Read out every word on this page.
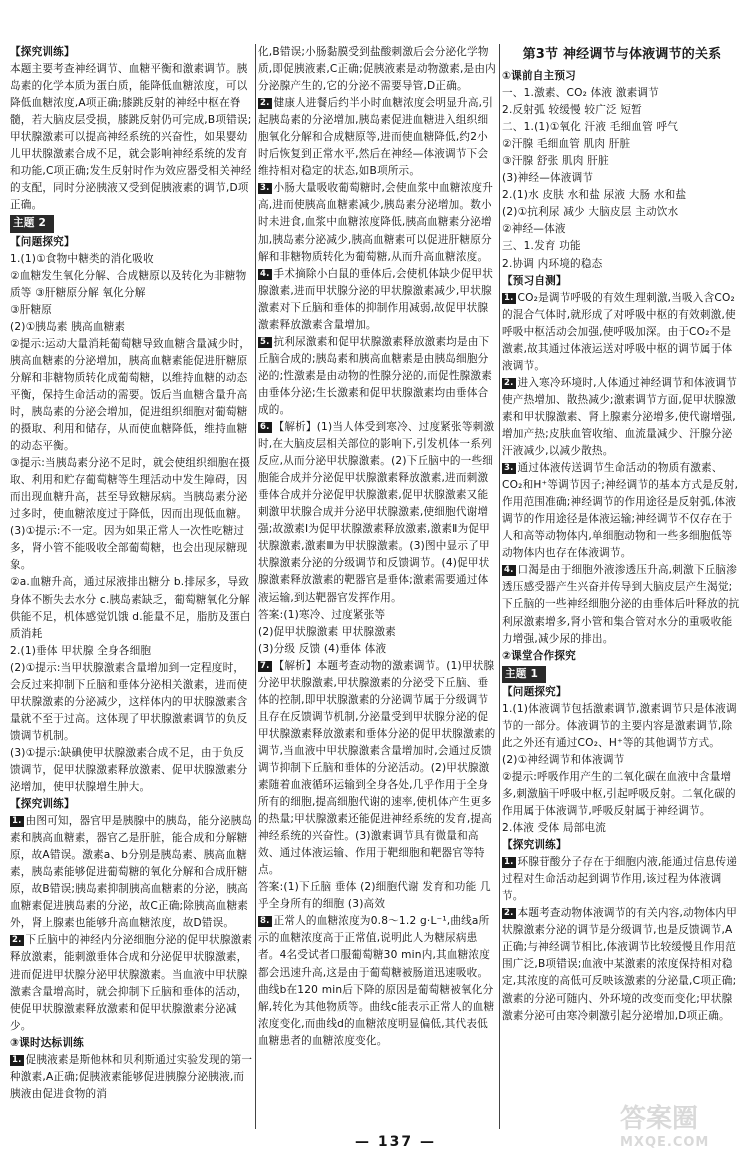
【探究训练】
本题主要考查神经调节、血糖平衡和激素调节。胰岛素的化学本质为蛋白质，能降低血糖浓度，可以降低血糖浓度,A项正确;膝跳反射的神经中枢在脊髓，若大脑皮层受损，膝跳反射仍可完成,B项错误;甲状腺激素可以提高神经系统的兴奋性，如果婴幼儿甲状腺激素合成不足，就会影响神经系统的发育和功能,C项正确;发生反射时作为效应器受相关神经的支配，同时分泌胰液又受到促胰液素的调节,D项正确。
主题 2
【问题探究】
1.(1)①食物中糖类的消化吸收
②血糖发生氧化分解、合成糖原以及转化为非糖物质等 ③肝糖原分解 氧化分解
③肝糖原
(2)①胰岛素 胰高血糖素
②提示:运动大量消耗葡萄糖导致血糖含量减少时，胰高血糖素的分泌增加，胰高血糖素能促进肝糖原分解和非糖物质转化成葡萄糖，以维持血糖的动态平衡，保持生命活动的需要。饭后当血糖含量升高时，胰岛素的分泌会增加，促进组织细胞对葡萄糖的摄取、利用和储存，从而使血糖降低，维持血糖的动态平衡。
③提示:当胰岛素分泌不足时，就会使组织细胞在摄取、利用和贮存葡萄糖等生理活动中发生障碍，因而出现血糖升高，甚至导致糖尿病。当胰岛素分泌过多时，使血糖浓度过于降低，因而出现低血糖。
(3)①提示:不一定。因为如果正常人一次性吃糖过多，肾小管不能吸收全部葡萄糖，也会出现尿糖现象。
②a.血糖升高，通过尿液排出糖分 b.排尿多，导致身体不断失去水分 c.胰岛素缺乏，葡萄糖氧化分解供能不足，机体感觉饥饿 d.能量不足，脂肪及蛋白质消耗
2.(1)垂体 甲状腺 全身各细胞
(2)①提示:当甲状腺激素含量增加到一定程度时，会反过来抑制下丘脑和垂体分泌相关激素，进而使甲状腺激素的分泌减少，这样体内的甲状腺激素含量就不至于过高。这体现了甲状腺激素调节的负反馈调节机制。
(3)①提示:缺碘使甲状腺激素合成不足，由于负反馈调节，促甲状腺激素释放激素、促甲状腺激素分泌增加，使甲状腺增生肿大。
【探究训练】
1. 由图可知，器官甲是胰腺中的胰岛，能分泌胰岛素和胰高血糖素，器官乙是肝脏，能合成和分解糖原，故A错误。激素a、b分别是胰岛素、胰高血糖素，胰岛素能够促进葡萄糖的氧化分解和合成肝糖原，故B错误;胰岛素抑制胰高血糖素的分泌，胰高血糖素促进胰岛素的分泌，故C正确;除胰高血糖素外，肾上腺素也能够升高血糖浓度，故D错误。
2. 下丘脑中的神经内分泌细胞分泌的促甲状腺激素释放激素，能刺激垂体合成和分泌促甲状腺激素，进而促进甲状腺分泌甲状腺激素。当血液中甲状腺激素含量增高时，就会抑制下丘脑和垂体的活动，使促甲状腺激素释放激素和促甲状腺激素分泌减少。
③课时达标训练
1. 促胰液素是斯他林和贝利斯通过实验发现的第一种激素,A正确;促胰液素能够促进胰腺分泌胰液,而胰液由促进食物的消
化,B错误;小肠黏膜受到盐酸刺激后会分泌化学物质,即促胰液素,C正确;促胰液素是动物激素,是由内分泌腺产生的,它的分泌不需要导管,D正确。
2. 健康人进餐后约半小时血糖浓度会明显升高,引起胰岛素的分泌增加,胰岛素促进血糖进入组织细胞氧化分解和合成糖原等,进而使血糖降低,约2小时后恢复到正常水平,然后在神经—体液调节下会维持相对稳定的状态,如B项所示。
3. 小肠大量吸收葡萄糖时,会使血浆中血糖浓度升高,进而使胰高血糖素减少,胰岛素分泌增加。数小时未进食,血浆中血糖浓度降低,胰高血糖素分泌增加,胰岛素分泌减少,胰高血糖素可以促进肝糖原分解和非糖物质转化为葡萄糖,从而升高血糖浓度。
4. 手术摘除小白鼠的垂体后,会使机体缺少促甲状腺激素,进而甲状腺分泌的甲状腺激素减少,甲状腺激素对下丘脑和垂体的抑制作用减弱,故促甲状腺激素释放激素含量增加。
5. 抗利尿激素和促甲状腺激素释放激素均是由下丘脑合成的;胰岛素和胰高血糖素是由胰岛细胞分泌的;性激素是由动物的性腺分泌的,而促性腺激素由垂体分泌;生长激素和促甲状腺激素均由垂体合成的。
6. 【解析】(1)当人体受到寒冷、过度紧张等刺激时,在大脑皮层相关部位的影响下,引发机体一系列反应,从而分泌甲状腺激素。(2)下丘脑中的一些细胞能合成并分泌促甲状腺激素释放激素,进而刺激垂体合成并分泌促甲状腺激素,促甲状腺激素又能刺激甲状腺合成并分泌甲状腺激素,使细胞代谢增强;故激素Ⅰ为促甲状腺激素释放激素,激素Ⅱ为促甲状腺激素,激素Ⅲ为甲状腺激素。(3)图中显示了甲状腺激素分泌的分级调节和反馈调节。(4)促甲状腺激素释放激素的靶器官是垂体;激素需要通过体液运输,到达靶器官发挥作用。
答案:(1)寒冷、过度紧张等
(2)促甲状腺激素 甲状腺激素
(3)分级 反馈 (4)垂体 体液
7. 【解析】本题考查动物的激素调节。(1)甲状腺分泌甲状腺激素,甲状腺激素的分泌受下丘脑、垂体的控制,即甲状腺激素的分泌调节属于分级调节且存在反馈调节机制,分泌量受到甲状腺分泌的促甲状腺激素释放激素和垂体分泌的促甲状腺激素的调节,当血液中甲状腺激素含量增加时,会通过反馈调节抑制下丘脑和垂体的分泌活动。(2)甲状腺激素随着血液循环运输到全身各处,几乎作用于全身所有的细胞,提高细胞代谢的速率,使机体产生更多的热量;甲状腺激素还能促进神经系统的发育,提高神经系统的兴奋性。(3)激素调节具有微量和高效、通过体液运输、作用于靶细胞和靶器官等特点。
答案:(1)下丘脑 垂体 (2)细胞代谢 发育和功能 几乎全身所有的细胞 (3)高效
8. 正常人的血糖浓度为0.8～1.2 g·L⁻¹,曲线a所示的血糖浓度高于正常值,说明此人为糖尿病患者。4名受试者口服葡萄糖30 min内,其血糖浓度都会迅速升高,这是由于葡萄糖被肠道迅速吸收。曲线b在120 min后下降的原因是葡萄糖被氧化分解,转化为其他物质等。曲线c能表示正常人的血糖浓度变化,而曲线d的血糖浓度明显偏低,其代表低血糖患者的血糖浓度变化。
第3节 神经调节与体液调节的关系
①课前自主预习
一、1.激素、CO₂ 体液 激素调节
2.反射弧 较缓慢 较广泛 短暂
二、1.(1)①氧化 汗液 毛细血管 呼气
②汗腺 毛细血管 肌肉 肝脏
③汗腺 舒张 肌肉 肝脏
(3)神经—体液调节
2.(1)水 皮肤 水和盐 尿液 大肠 水和盐
(2)①抗利尿 减少 大脑皮层 主动饮水
②神经—体液
三、1.发育 功能
2.协调 内环境的稳态
【预习自测】
1. CO₂是调节呼吸的有效生理刺激,当吸入含CO₂的混合气体时,就形成了对呼吸中枢的有效刺激,使呼吸中枢活动会加强,使呼吸加深。由于CO₂不是激素,故其通过体液运送对呼吸中枢的调节属于体液调节。
2. 进入寒冷环境时,人体通过神经调节和体液调节使产热增加、散热减少;激素调节方面,促甲状腺激素和甲状腺激素、肾上腺素分泌增多,使代谢增强,增加产热;皮肤血管收缩、血流量减少、汗腺分泌汗液减少,以减少散热。
3. 通过体液传送调节生命活动的物质有激素、CO₂和H⁺等调节因子;神经调节的基本方式是反射,作用范围准确;神经调节的作用途径是反射弧,体液调节的作用途径是体液运输;神经调节不仅存在于人和高等动物体内,单细胞动物和一些多细胞低等动物体内也存在体液调节。
4. 口渴是由于细胞外液渗透压升高,刺激下丘脑渗透压感受器产生兴奋并传导到大脑皮层产生渴觉;下丘脑的一些神经细胞分泌的由垂体后叶释放的抗利尿激素增多,肾小管和集合管对水分的重吸收能力增强,减少尿的排出。
②课堂合作探究
主题 1
【问题探究】
1.(1)体液调节包括激素调节,激素调节只是体液调节的一部分。体液调节的主要内容是激素调节,除此之外还有通过CO₂、H⁺等的其他调节方式。
(2)①神经调节和体液调节
②提示:呼吸作用产生的二氧化碳在血液中含量增多,刺激脑干呼吸中枢,引起呼吸反射。二氧化碳的作用属于体液调节,呼吸反射属于神经调节。
2.体液 受体 局部电流
【探究训练】
1. 环腺苷酸分子存在于细胞内液,能通过信息传递过程对生命活动起到调节作用,该过程为体液调节。
2. 本题考查动物体液调节的有关内容,动物体内甲状腺激素分泌的调节是分级调节,也是反馈调节,A正确;与神经调节相比,体液调节比较缓慢且作用范围广泛,B项错误;血液中某激素的浓度保持相对稳定,其浓度的高低可反映该激素的分泌量,C项正确;激素的分泌可随内、外环境的改变而变化;甲状腺激素分泌可由寒冷刺激引起分泌增加,D项正确。
— 137 —
答案圈
MXQE.COM
